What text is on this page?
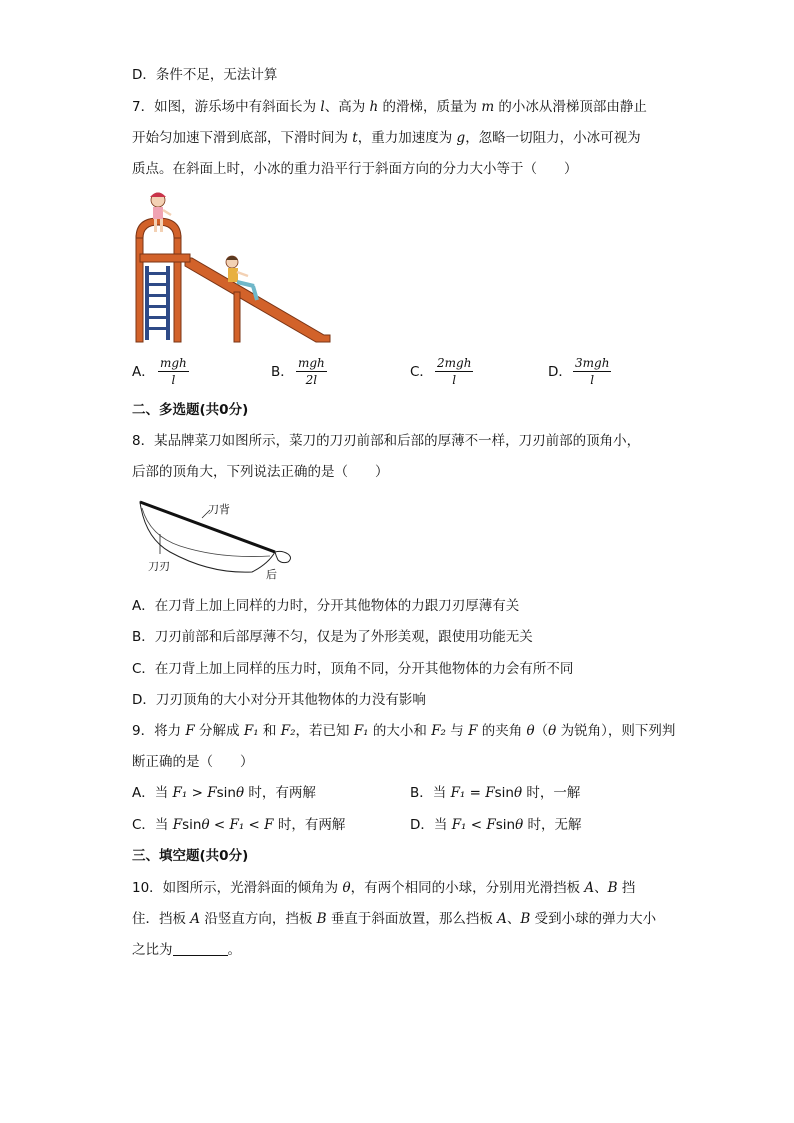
D．条件不足，无法计算
7．如图，游乐场中有斜面长为 l、高为 h 的滑梯，质量为 m 的小冰从滑梯顶部由静止
开始匀加速下滑到底部，下滑时间为 t，重力加速度为 g，忽略一切阻力，小冰可视为
质点。在斜面上时，小冰的重力沿平行于斜面方向的分力大小等于（　　）
A．
mgh
l	B．
mgh
2l	C．
2mgh
l	D．
3mgh
l
二、多选题(共0分)
8．某品牌菜刀如图所示，菜刀的刀刃前部和后部的厚薄不一样，刀刃前部的顶角小，
后部的顶角大，下列说法正确的是（　　）
刀背
刀刃
后
A．在刀背上加上同样的力时，分开其他物体的力跟刀刃厚薄有关
B．刀刃前部和后部厚薄不匀，仅是为了外形美观，跟使用功能无关
C．在刀背上加上同样的压力时，顶角不同，分开其他物体的力会有所不同
D．刀刃顶角的大小对分开其他物体的力没有影响
9．将力 F 分解成 F₁ 和 F₂，若已知 F₁ 的大小和 F₂ 与 F 的夹角 θ（θ 为锐角），则下列判
断正确的是（　　）
A．当 F₁ > Fsinθ 时，有两解	B．当 F₁ = Fsinθ 时，一解
C．当 Fsinθ < F₁ < F 时，有两解	D．当 F₁ < Fsinθ 时，无解
三、填空题(共0分)
10．如图所示，光滑斜面的倾角为 θ，有两个相同的小球，分别用光滑挡板 A、B 挡
住．挡板 A 沿竖直方向，挡板 B 垂直于斜面放置，那么挡板 A、B 受到小球的弹力大小
之比为	。
